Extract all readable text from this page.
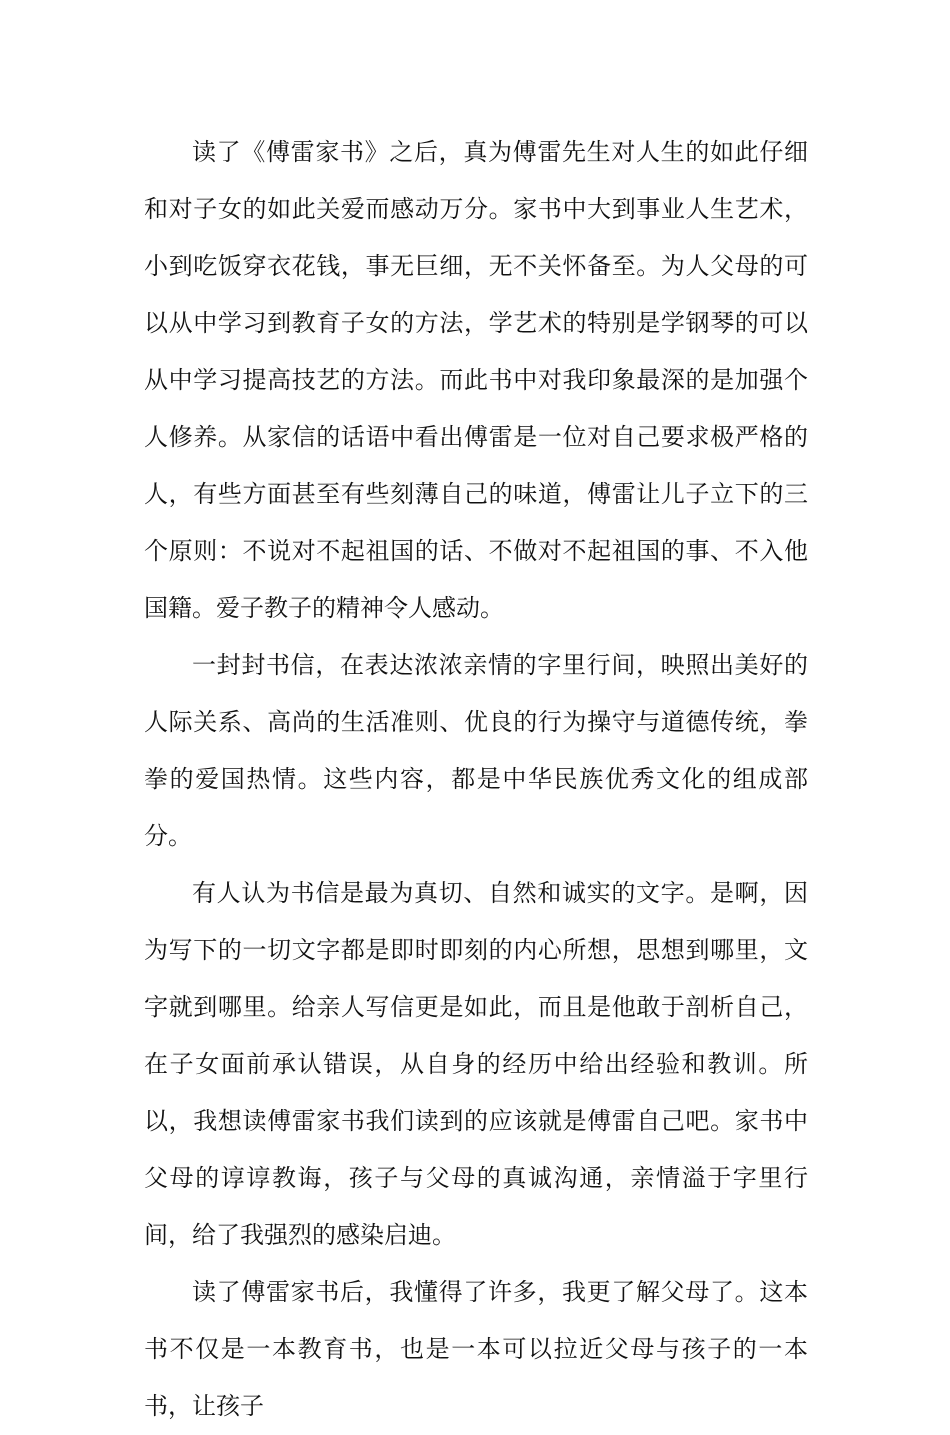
读了《傅雷家书》之后，真为傅雷先生对人生的如此仔细和对子女的如此关爱而感动万分。家书中大到事业人生艺术，小到吃饭穿衣花钱，事无巨细，无不关怀备至。为人父母的可以从中学习到教育子女的方法，学艺术的特别是学钢琴的可以从中学习提高技艺的方法。而此书中对我印象最深的是加强个人修养。从家信的话语中看出傅雷是一位对自己要求极严格的人，有些方面甚至有些刻薄自己的味道，傅雷让儿子立下的三个原则：不说对不起祖国的话、不做对不起祖国的事、不入他国籍。爱子教子的精神令人感动。

一封封书信，在表达浓浓亲情的字里行间，映照出美好的人际关系、高尚的生活准则、优良的行为操守与道德传统，拳拳的爱国热情。这些内容，都是中华民族优秀文化的组成部分。

有人认为书信是最为真切、自然和诚实的文字。是啊，因为写下的一切文字都是即时即刻的内心所想，思想到哪里，文字就到哪里。给亲人写信更是如此，而且是他敢于剖析自己，在子女面前承认错误，从自身的经历中给出经验和教训。所以，我想读傅雷家书我们读到的应该就是傅雷自己吧。家书中父母的谆谆教诲，孩子与父母的真诚沟通，亲情溢于字里行间，给了我强烈的感染启迪。

读了傅雷家书后，我懂得了许多，我更了解父母了。这本书不仅是一本教育书，也是一本可以拉近父母与孩子的一本书，让孩子
